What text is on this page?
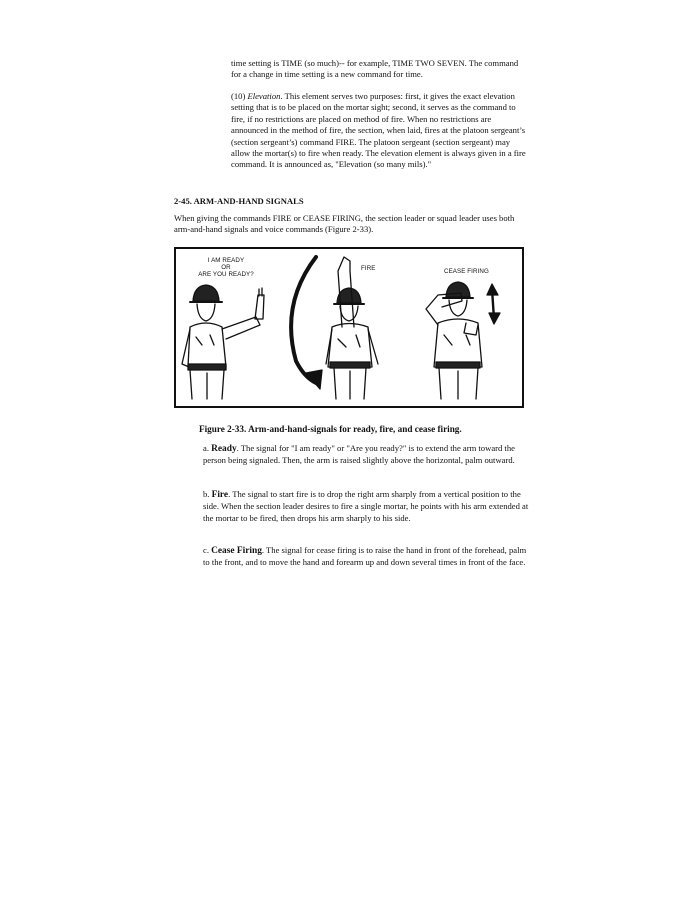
time setting is TIME (so much)-- for example, TIME TWO SEVEN. The command for a change in time setting is a new command for time.

(10) Elevation. This element serves two purposes: first, it gives the exact elevation setting that is to be placed on the mortar sight; second, it serves as the command to fire, if no restrictions are placed on method of fire. When no restrictions are announced in the method of fire, the section, when laid, fires at the platoon sergeant’s (section sergeant’s) command FIRE. The platoon sergeant (section sergeant) may allow the mortar(s) to fire when ready. The elevation element is always given in a fire command. It is announced as, "Elevation (so many mils)."

2-45. ARM-AND-HAND SIGNALS

When giving the commands FIRE or CEASE FIRING, the section leader or squad leader uses both arm-and-hand signals and voice commands (Figure 2-33).

I AM READY
OR
ARE YOU READY?
FIRE	CEASE FIRING

Figure 2-33. Arm-and-hand-signals for ready, fire, and cease firing.

a. Ready. The signal for "I am ready" or "Are you ready?" is to extend the arm toward the person being signaled. Then, the arm is raised slightly above the horizontal, palm outward.

b. Fire. The signal to start fire is to drop the right arm sharply from a vertical position to the side. When the section leader desires to fire a single mortar, he points with his arm extended at the mortar to be fired, then drops his arm sharply to his side.

c. Cease Firing. The signal for cease firing is to raise the hand in front of the forehead, palm to the front, and to move the hand and forearm up and down several times in front of the face.
